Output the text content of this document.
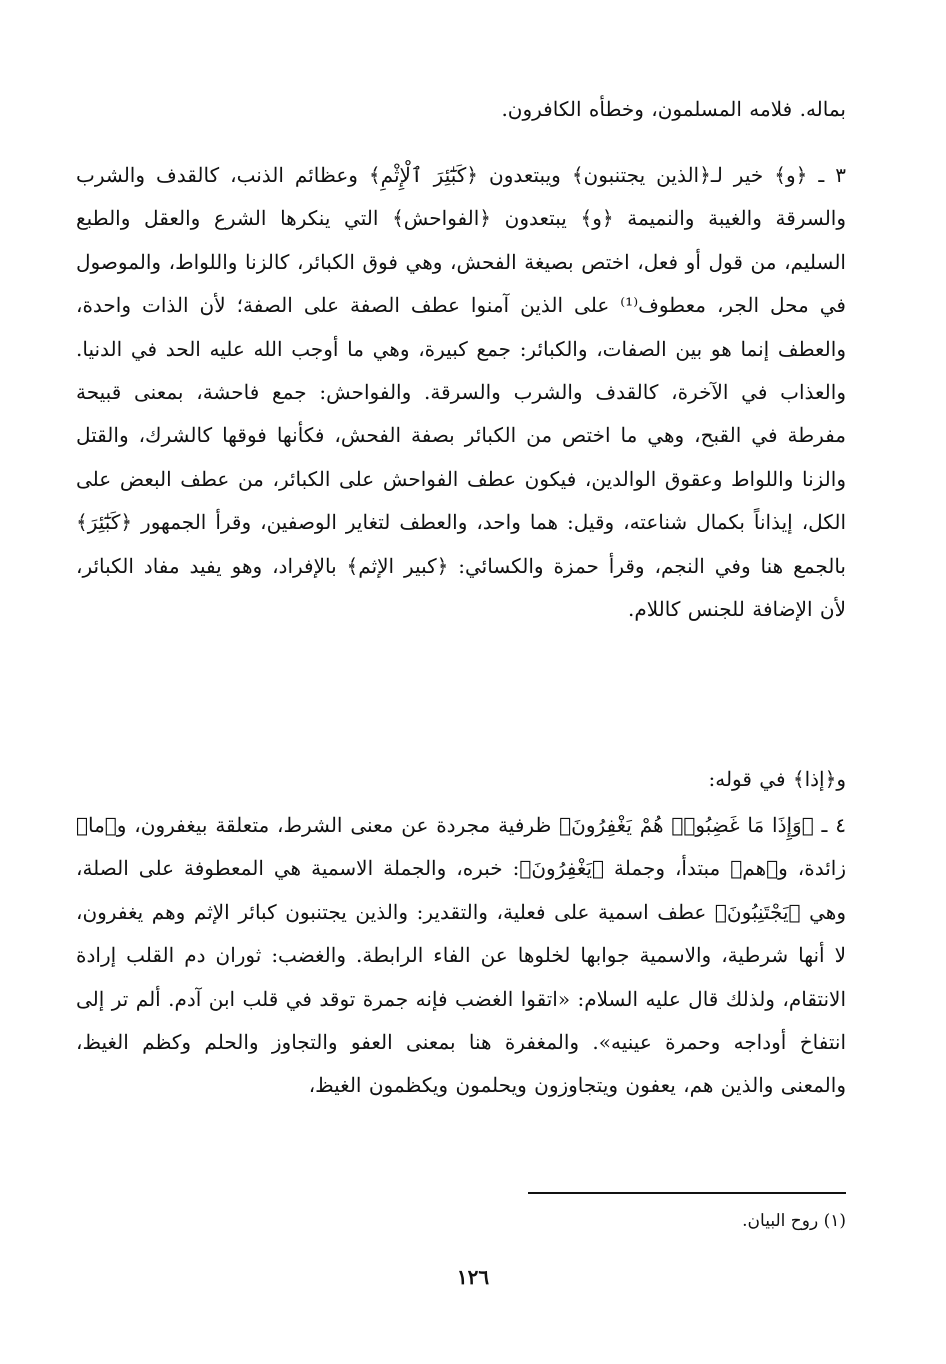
بماله. فلامه المسلمون، وخطأه الكافرون.

٣ ـ ﴿و﴾ خير لـ﴿الذين يجتنبون﴾ ويبتعدون ﴿كَبَٰٓئِرَ ٱلْإِثْمِ﴾ وعظائم الذنب، كالقدف والشرب والسرقة والغيبة والنميمة ﴿و﴾ يبتعدون ﴿الفواحش﴾ التي ينكرها الشرع والعقل والطبع السليم، من قول أو فعل، اختص بصيغة الفحش، وهي فوق الكبائر، كالزنا واللواط، والموصول في محل الجر، معطوف⁽¹⁾ على الذين آمنوا عطف الصفة على الصفة؛ لأن الذات واحدة، والعطف إنما هو بين الصفات، والكبائر: جمع كبيرة، وهي ما أوجب الله عليه الحد في الدنيا. والعذاب في الآخرة، كالقدف والشرب والسرقة. والفواحش: جمع فاحشة، بمعنى قبيحة مفرطة في القبح، وهي ما اختص من الكبائر بصفة الفحش، فكأنها فوقها كالشرك، والقتل والزنا واللواط وعقوق الوالدين، فيكون عطف الفواحش على الكبائر، من عطف البعض على الكل، إيذاناً بكمال شناعته، وقيل: هما واحد، والعطف لتغاير الوصفين، وقرأ الجمهور ﴿كَبَٰٓئِرَ﴾ بالجمع هنا وفي النجم، وقرأ حمزة والكسائي: ﴿كبير الإثم﴾ بالإفراد، وهو يفيد مفاد الكبائر، لأن الإضافة للجنس كاللام.

و﴿إذا﴾ في قوله:

٤ ـ ﴿وَإِذَا مَا غَضِبُوا۟ هُمْ يَغْفِرُونَ﴾ ظرفية مجردة عن معنى الشرط، متعلقة بيغفرون، و﴿ما﴾ زائدة، و﴿هم﴾ مبتدأ، وجملة ﴿يَغْفِرُونَ﴾: خبره، والجملة الاسمية هي المعطوفة على الصلة، وهي ﴿يَجْتَنِبُونَ﴾ عطف اسمية على فعلية، والتقدير: والذين يجتنبون كبائر الإثم وهم يغفرون، لا أنها شرطية، والاسمية جوابها لخلوها عن الفاء الرابطة. والغضب: ثوران دم القلب إرادة الانتقام، ولذلك قال عليه السلام: «اتقوا الغضب فإنه جمرة توقد في قلب ابن آدم. ألم تر إلى انتفاخ أوداجه وحمرة عينيه». والمغفرة هنا بمعنى العفو والتجاوز والحلم وكظم الغيظ، والمعنى والذين هم، يعفون ويتجاوزون ويحلمون ويكظمون الغيظ،

(١) روح البيان.

١٢٦
